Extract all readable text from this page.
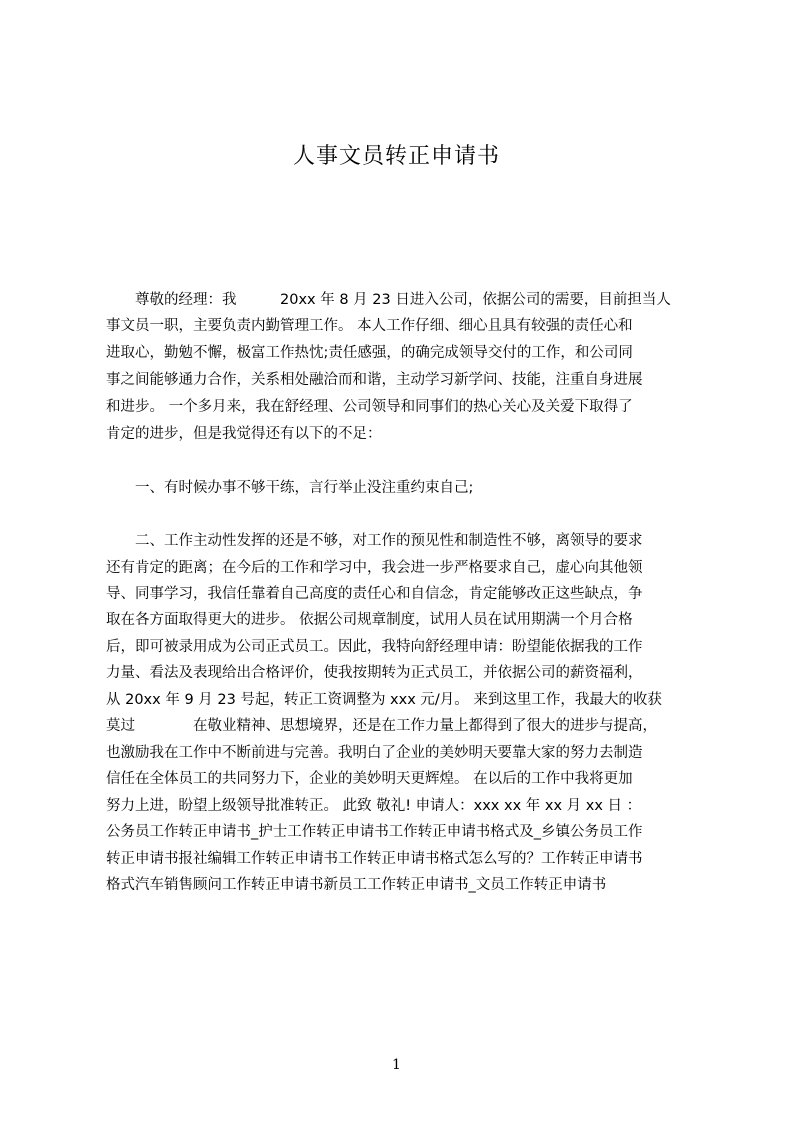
人事文员转正申请书
　　尊敬的经理：我　　　20xx 年 8 月 23 日进入公司，依据公司的需要，目前担当人
事文员一职，主要负责内勤管理工作。 本人工作仔细、细心且具有较强的责任心和
进取心，勤勉不懈，极富工作热忱;责任感强，的确完成领导交付的工作，和公司同
事之间能够通力合作，关系相处融洽而和谐，主动学习新学问、技能，注重自身进展
和进步。 一个多月来，我在舒经理、公司领导和同事们的热心关心及关爱下取得了
肯定的进步，但是我觉得还有以下的不足：
　　一、有时候办事不够干练，言行举止没注重约束自己;
　　二、工作主动性发挥的还是不够，对工作的预见性和制造性不够，离领导的要求
还有肯定的距离；在今后的工作和学习中，我会进一步严格要求自己，虚心向其他领
导、同事学习，我信任靠着自己高度的责任心和自信念，肯定能够改正这些缺点，争
取在各方面取得更大的进步。 依据公司规章制度，试用人员在试用期满一个月合格
后，即可被录用成为公司正式员工。因此，我特向舒经理申请：盼望能依据我的工作
力量、看法及表现给出合格评价，使我按期转为正式员工，并依据公司的薪资福利，
从 20xx 年 9 月 23 号起，转正工资调整为 xxx 元/月。 来到这里工作，我最大的收获
莫过　　　　在敬业精神、思想境界，还是在工作力量上都得到了很大的进步与提高，
也激励我在工作中不断前进与完善。我明白了企业的美妙明天要靠大家的努力去制造
信任在全体员工的共同努力下，企业的美妙明天更辉煌。 在以后的工作中我将更加
努力上进，盼望上级领导批准转正。 此致 敬礼! 申请人：xxx xx 年 xx 月 xx 日 ：
公务员工作转正申请书_护士工作转正申请书工作转正申请书格式及_乡镇公务员工作
转正申请书报社编辑工作转正申请书工作转正申请书格式怎么写的？工作转正申请书
格式汽车销售顾问工作转正申请书新员工工作转正申请书_文员工作转正申请书
1
